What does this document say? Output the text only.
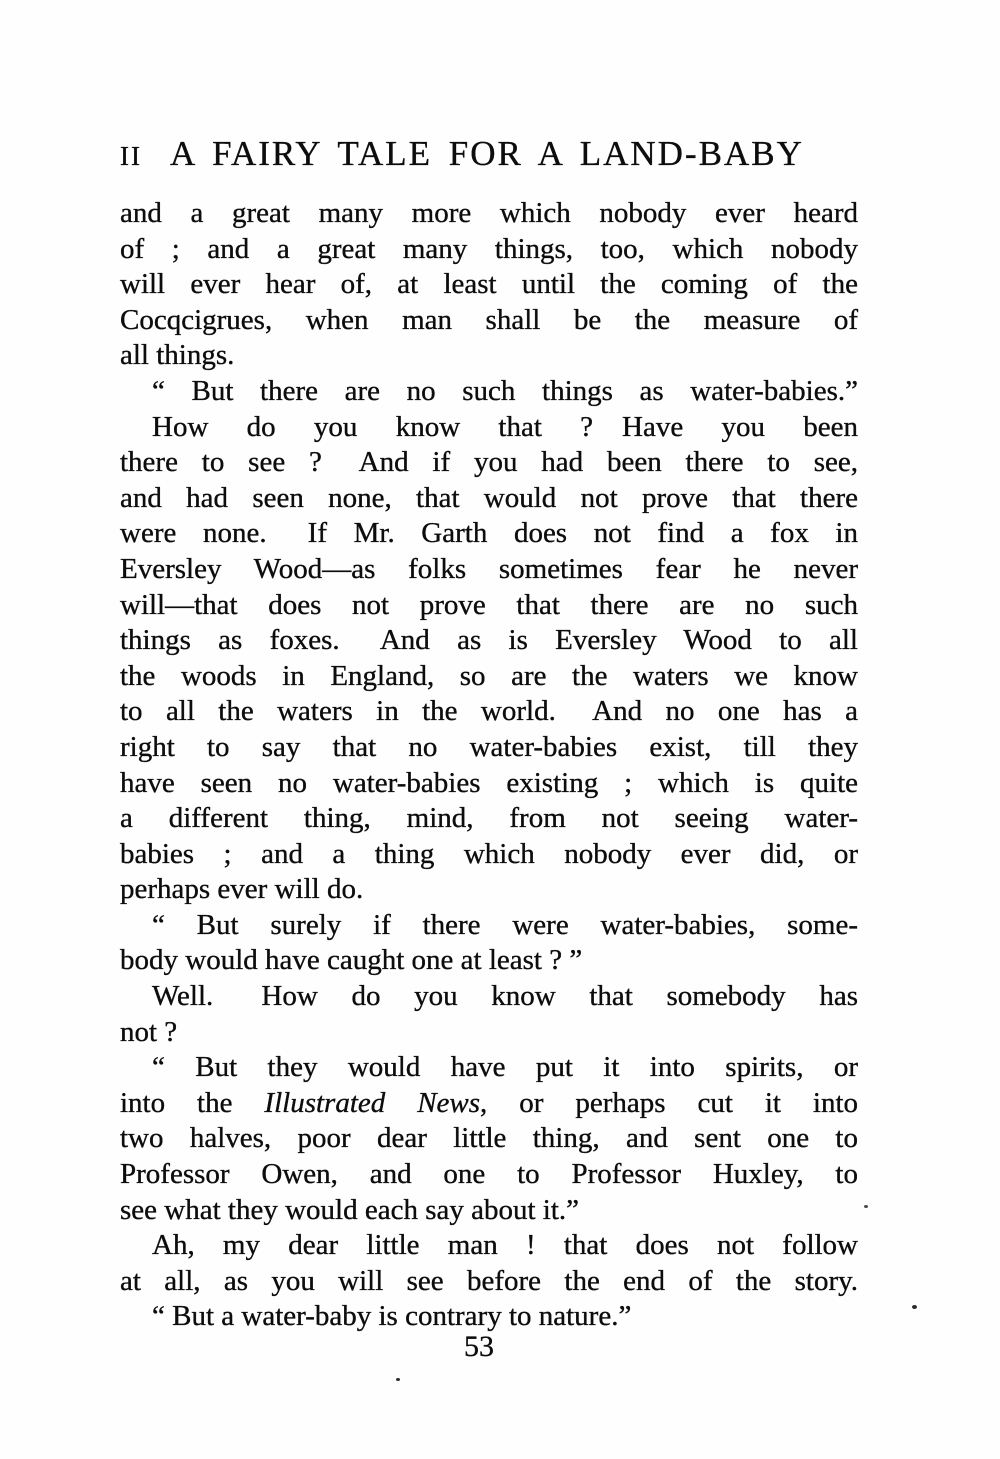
II A FAIRY TALE FOR A LAND-BABY
and a great many more which nobody ever heard
of ; and a great many things, too, which nobody
will ever hear of, at least until the coming of the
Cocqcigrues, when man shall be the measure of
all things.
“ But there are no such things as water-babies.”
How do you know that ?  Have you been
there to see ?  And if you had been there to see,
and had seen none, that would not prove that there
were none.  If Mr. Garth does not find a fox in
Eversley Wood—as folks sometimes fear he never
will—that does not prove that there are no such
things as foxes.  And as is Eversley Wood to all
the woods in England, so are the waters we know
to all the waters in the world.  And no one has a
right to say that no water-babies exist, till they
have seen no water-babies existing ; which is quite
a different thing, mind, from not seeing water-
babies ; and a thing which nobody ever did, or
perhaps ever will do.
“ But surely if there were water-babies, some-
body would have caught one at least ? ”
Well.  How do you know that somebody has
not ?
“ But they would have put it into spirits, or
into the Illustrated News, or perhaps cut it into
two halves, poor dear little thing, and sent one to
Professor Owen, and one to Professor Huxley, to
see what they would each say about it.”
Ah, my dear little man ! that does not follow
at all, as you will see before the end of the story.
“ But a water-baby is contrary to nature.”
53
